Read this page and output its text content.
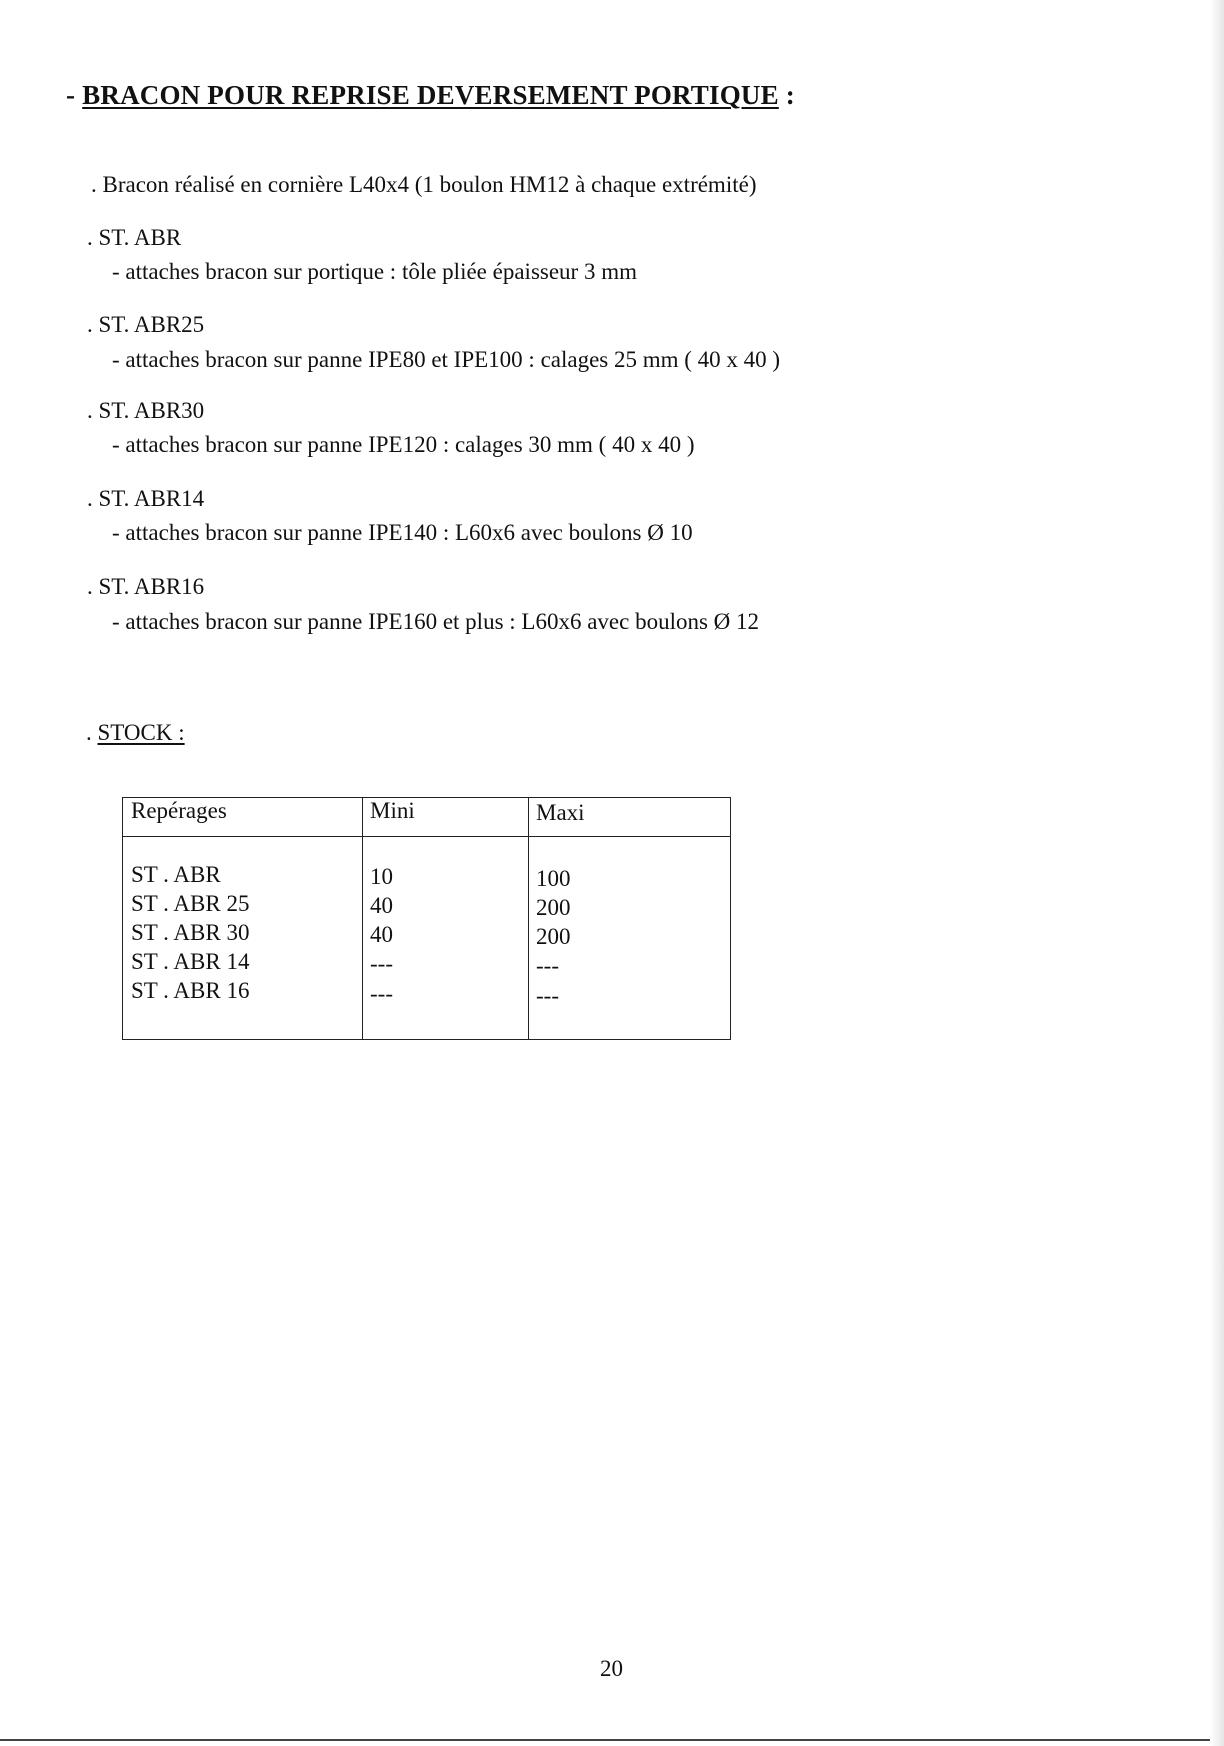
- BRACON POUR REPRISE DEVERSEMENT PORTIQUE :
. Bracon réalisé en cornière L40x4 (1 boulon HM12 à chaque extrémité)
. ST. ABR
- attaches bracon sur portique : tôle pliée épaisseur 3 mm
. ST. ABR25
- attaches bracon sur panne IPE80 et IPE100 : calages 25 mm ( 40 x 40 )
. ST. ABR30
- attaches bracon sur panne IPE120 : calages 30 mm ( 40 x 40 )
. ST. ABR14
- attaches bracon sur panne IPE140 : L60x6 avec boulons Ø 10
. ST. ABR16
- attaches bracon sur panne IPE160 et plus : L60x6 avec boulons Ø 12
. STOCK :
Repérages
ST . ABR
ST . ABR 25
ST . ABR 30
ST . ABR 14
ST . ABR 16
Mini
10
40
40
---
---
Maxi
100
200
200
---
---
20
